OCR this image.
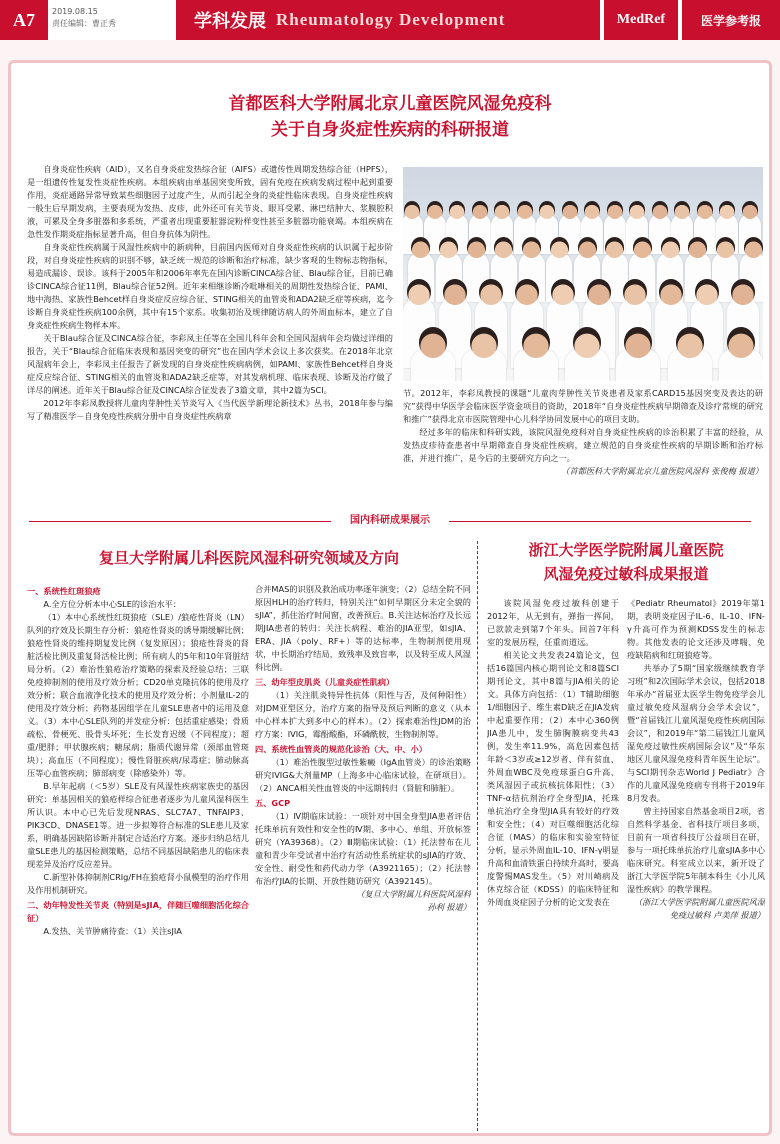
A7	2019.08.15
责任编辑：曹正秀	学科发展 Rheumatology Development	MedRef	医学参考报
首都医科大学附属北京儿童医院风湿免疫科
关于自身炎症性疾病的科研报道

自身炎症性疾病（AID），又名自身炎症发热综合征（AIFS）或遗传性周期发热综合征（HPFS），是一组遗传性复发性炎症性疾病。本组疾病由单基因突变所致，固有免疫在疾病发病过程中起到重要作用，炎症通路异常导致某些细胞因子过度产生，从而引起全身的炎症性临床表现。自身炎症性疾病一般生后早期发病，主要表现为发热、皮疹，此外还可有关节炎、眼耳受累、淋巴结肿大、浆膜腔积液，可累及全身多脏器和多系统，严重者出现重要脏器淀粉样变性甚至多脏器功能衰竭。本组疾病在急性发作期炎症指标显著升高，但自身抗体为阴性。

自身炎症性疾病属于风湿性疾病中的新病种，目前国内医师对自身炎症性疾病的认识属于起步阶段，对自身炎症性疾病的识别不够，缺乏统一规范的诊断和治疗标准，缺少客观的生物标志物指标，易造成漏诊、误诊。该科于2005年和2006年率先在国内诊断CINCA综合征、Blau综合征，目前已确诊CINCA综合征11例，Blau综合征52例。近年来相继诊断冷吡啉相关的周期性发热综合征、PAMI、地中海热、家族性Behcet样自身炎症反应综合征、STING相关的血管炎和ADA2缺乏症等疾病，迄今诊断自身炎症性疾病100余例，其中有15个家系。收集初治及规律随访病人的外周血标本，建立了自身炎症性疾病生物样本库。

关于Blau综合征及CINCA综合征，李彩凤主任等在全国儿科年会和全国风湿病年会均做过详细的报告，关于“Blau综合征临床表现和基因突变的研究”也在国内学术会议上多次获奖。在2018年北京风湿病年会上，李彩凤主任报告了新发现的自身炎症性疾病病例，如PAMI、家族性Behcet样自身炎症反应综合征、STING相关的血管炎和ADA2缺乏症等，对其发病机理、临床表现、诊断及治疗做了详尽的阐述。近年关于Blau综合征及CINCA综合征发表了3篇文章，其中2篇为SCI。

2012年李彩凤教授将儿童肉芽肿性关节炎写入《当代医学新理论新技术》丛书，2018年参与编写了精准医学－自身免疫性疾病分册中自身炎症性疾病章

节。2012年，李彩凤教授的课题“儿童肉芽肿性关节炎患者及家系CARD15基因突变及表达的研究”获得中华医学会临床医学资金项目的资助，2018年“自身炎症性疾病早期筛查及诊疗常规的研究和推广”获得北京市医院管理中心儿科学协同发展中心的项目支助。

经过多年的临床和科研实践，该院风湿免疫科对自身炎症性疾病的诊治积累了丰富的经验，从发热皮疹待查患者中早期筛查自身炎症性疾病，建立规范的自身炎症性疾病的早期诊断和治疗标准，并进行推广，是今后的主要研究方向之一。

（首都医科大学附属北京儿童医院风湿科 张俊梅 报道）

国内科研成果展示
复旦大学附属儿科医院风湿科研究领域及方向

一、系统性红斑狼疮

A.全方位分析本中心SLE的诊治水平：

（1）本中心系统性红斑狼疮（SLE）/狼疮性肾炎（LN）队列的疗效及长期生存分析：狼疮性肾炎的诱导期缓解比例；狼疮性肾炎的维持期复发比例（复发原因）；狼疮性肾炎的肾脏活检比例及重复肾活检比例；所有病人的5年和10年肾脏结局分析。（2）难治性狼疮治疗策略的探索及经验总结；三联免疫抑制剂的使用及疗效分析；CD20单克隆抗体的使用及疗效分析；联合血液净化技术的使用及疗效分析；小剂量IL-2的使用及疗效分析；药物基因组学在儿童SLE患者中的运用及意义。（3）本中心SLE队列的并发症分析：包括重症感染；骨质疏松、骨梗死、股骨头坏死；生长发育迟缓（不同程度）；超重/肥胖；甲状腺疾病；糖尿病；脂质代谢异常（颈部血管斑块）；高血压（不同程度）；慢性肾脏疾病/尿毒症；肺动脉高压等心血管疾病；肺部病变（除感染外）等。

B.早年起病（＜5岁）SLE及有风湿性疾病家族史的基因研究：单基因相关的狼疮样综合征患者逐步为儿童风湿科医生所认识。本中心已先后发现NRAS、SLC7A7、TNFAIP3、PIK3CD、DNASE1等。进一步拟筹符合标准的SLE患儿及家系，明确基因缺陷诊断并制定合适治疗方案。逐步归纳总结儿童SLE患儿的基因检测策略，总结不同基因缺陷患儿的临床表现差异及治疗反应差异。

C.新型补体抑制剂CRIg/FH在狼疮肾小鼠模型的治疗作用及作用机制研究。

二、幼年特发性关节炎（特别是sJIA，伴随巨噬细胞活化综合征）

A.发热、关节肿痛待查：（1）关注sJIA

合并MAS的识别及救治成功率逐年演变；（2）总结全院不同原因HLH的治疗转归，特别关注“如何早期区分未定全貌的sJIA”，抓住治疗时间窗，改善预后。B.关注达标治疗及长远期JIA患者的转归：关注长病程、难治的JIA亚型，如sJIA、ERA、JIA（poly、RF+）等的达标率，生物制剂使用现状，中长期治疗结局，致残率及致盲率，以及转至成人风湿科比例。

三、幼年型皮肌炎（儿童炎症性肌病）

（1）关注肌炎特异性抗体（阳性与否，及何种阳性）对JDM亚型区分，治疗方案的指导及预后判断的意义（从本中心样本扩大到多中心的样本）。（2）探索难治性JDM的治疗方案：IVIG，霉酚酸酯，环磷酰胺，生物制剂等。

四、系统性血管炎的规范化诊治（大、中、小）

（1）难治性腹型过敏性紫癜（IgA血管炎）的诊治策略研究IVIG&大剂量MP（上海多中心临床试验，在研项目）。（2）ANCA相关性血管炎的中远期转归（肾脏和肺脏）。

五、GCP

（1）Ⅳ期临床试验：一项针对中国全身型JIA患者评估托珠单抗有效性和安全性的Ⅳ期、多中心、单组、开放标签研究（YA39368）。（2）Ⅲ期临床试验：（1）托法替布在儿童和青少年受试者中治疗有活动性系统症状的sJIA的疗效、安全性、耐受性和药代动力学（A3921165）；（2）托法替布治疗JIA的长期、开放性随访研究（A392145）。

（复旦大学附属儿科医院风湿科

孙利 报道）

浙江大学医学院附属儿童医院
风湿免疫过敏科成果报道

该院风湿免疫过敏科创建于2012年，从无到有，弹指一挥间，已款款走到第7个年头。回首7年科室的发展历程，任重而道远。

相关论文共发表24篇论文，包括16篇国内核心期刊论文和8篇SCI期刊论文，其中8篇与JIA相关的论文。具体方向包括：（1）T辅助细胞1/细胞因子、维生素D缺乏在JIA发病中起重要作用；（2）本中心360例JIA患儿中，发生肺胸膜病变共43例，发生率11.9%，高危因素包括年龄＜3岁或≥12岁者、伴有贫血、外周血WBC及免疫球蛋白G升高、类风湿因子或抗核抗体阳性；（3）TNF-α拮抗剂治疗全身型JIA，托珠单抗治疗全身型JIA具有较好的疗效和安全性；（4）对巨噬细胞活化综合征（MAS）的临床和实验室特征分析，显示外周血IL-10、IFN-γ明显升高和血清铁蛋白持续升高时，要高度警惕MAS发生。（5）对川崎病及休克综合征（KDSS）的临床特征和外周血炎症因子分析的论文发表在

《Pediatr Rheumatol》2019年第1期，表明炎症因子IL-6、IL-10、IFN-γ升高可作为预测KDSS发生的标志物。其他发表的论文还涉及哮喘、免疫缺陷病和红斑狼疮等。

共举办了5期“国家级继续教育学习班”和2次国际学术会议，包括2018年承办“首届亚太医学生物免疫学会儿童过敏免疫风湿病分会学术会议”，暨“首届钱江儿童风湿免疫性疾病国际会议”，和2019年“第二届钱江儿童风湿免疫过敏性疾病国际会议”及“华东地区儿童风湿免疫科青年医生论坛”。与SCI期刊杂志World J Pediatr》合作的儿童风湿免疫病专刊将于2019年8月发表。

曾主持国家自然基金项目2项，省自然科学基金、省科技厅项目多项，目前有一项省科技厅公益项目在研，参与一项托珠单抗治疗儿童sJIA多中心临床研究。科室成立以来，新开设了浙江大学医学院5年制本科生《小儿风湿性疾病》的教学课程。

（浙江大学医学院附属儿童医院风湿免疫过敏科 卢美萍 报道）
